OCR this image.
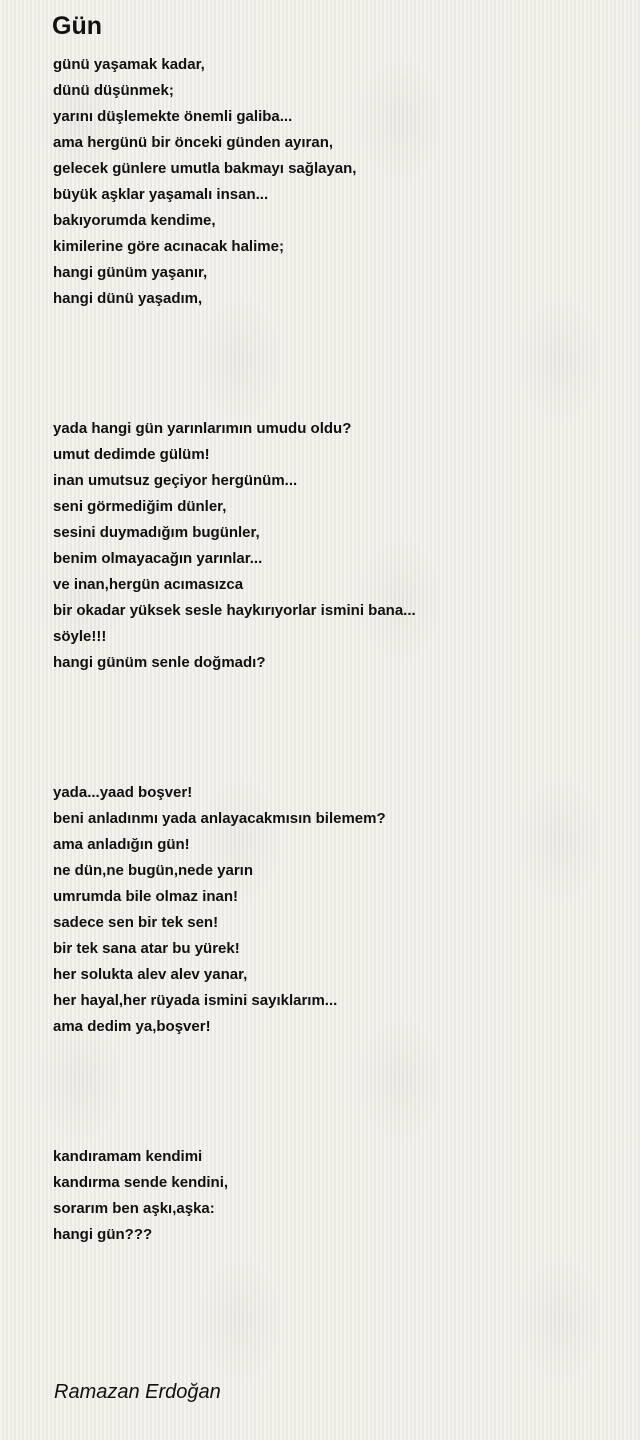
Gün
günü yaşamak kadar,
dünü düşünmek;
yarını düşlemekte önemli galiba...
ama hergünü bir önceki günden ayıran,
gelecek günlere umutla bakmayı sağlayan,
büyük aşklar yaşamalı insan...
bakıyorumda kendime,
kimilerine göre acınacak halime;
hangi günüm yaşanır,
hangi dünü yaşadım,
yada hangi gün yarınlarımın umudu oldu?
umut dedimde gülüm!
inan umutsuz geçiyor hergünüm...
seni görmediğim dünler,
sesini duymadığım bugünler,
benim olmayacağın yarınlar...
ve inan,hergün acımasızca
bir okadar yüksek sesle haykırıyorlar ismini bana...
söyle!!!
hangi günüm senle doğmadı?
yada...yaad boşver!
beni anladınmı yada anlayacakmısın bilemem?
ama anladığın gün!
ne dün,ne bugün,nede yarın
umrumda bile olmaz inan!
sadece sen bir tek sen!
bir tek sana atar bu yürek!
her solukta alev alev yanar,
her hayal,her rüyada ismini sayıklarım...
ama dedim ya,boşver!
kandıramam kendimi
kandırma sende kendini,
sorarım ben aşkı,aşka:
hangi gün???
Ramazan Erdoğan
